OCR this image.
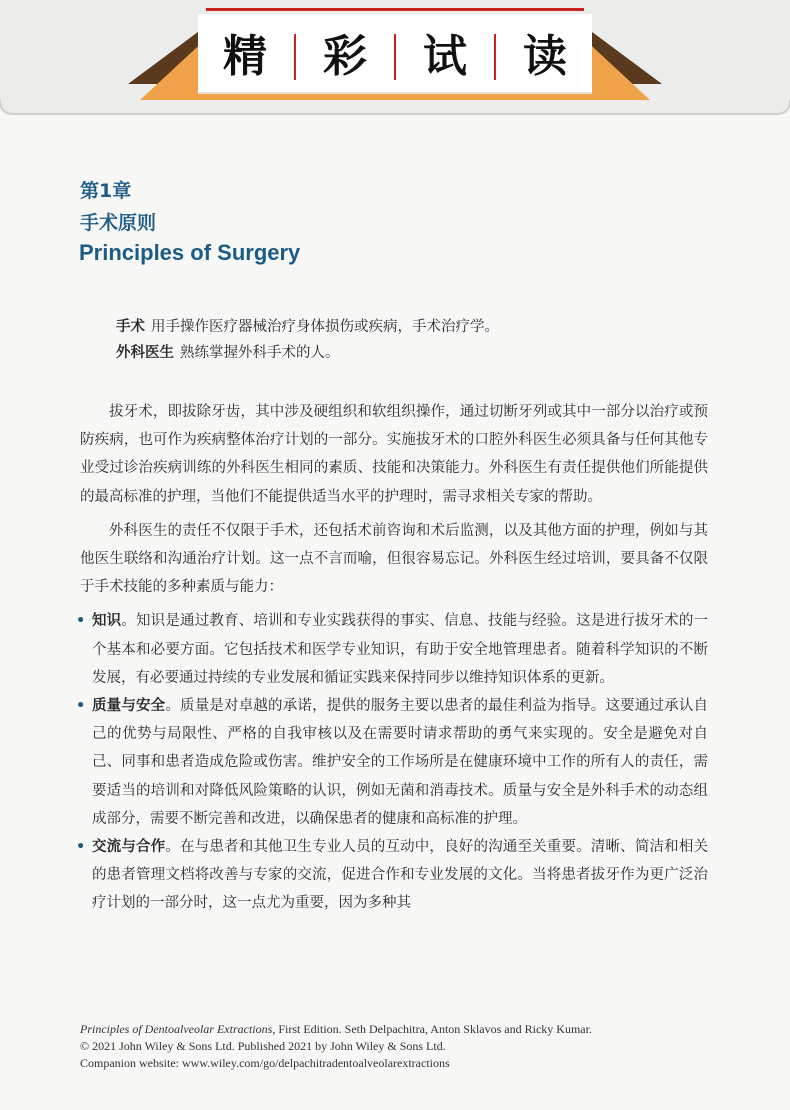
精	彩	试	读
第1章
手术原则
Principles of Surgery

手术 用手操作医疗器械治疗身体损伤或疾病，手术治疗学。

外科医生 熟练掌握外科手术的人。

拔牙术，即拔除牙齿，其中涉及硬组织和软组织操作，通过切断牙列或其中一部分以治疗或预防疾病，也可作为疾病整体治疗计划的一部分。实施拔牙术的口腔外科医生必须具备与任何其他专业受过诊治疾病训练的外科医生相同的素质、技能和决策能力。外科医生有责任提供他们所能提供的最高标准的护理，当他们不能提供适当水平的护理时，需寻求相关专家的帮助。

外科医生的责任不仅限于手术，还包括术前咨询和术后监测，以及其他方面的护理，例如与其他医生联络和沟通治疗计划。这一点不言而喻，但很容易忘记。外科医生经过培训，要具备不仅限于手术技能的多种素质与能力：

• 知识。知识是通过教育、培训和专业实践获得的事实、信息、技能与经验。这是进行拔牙术的一个基本和必要方面。它包括技术和医学专业知识，有助于安全地管理患者。随着科学知识的不断发展，有必要通过持续的专业发展和循证实践来保持同步以维持知识体系的更新。
• 质量与安全。质量是对卓越的承诺，提供的服务主要以患者的最佳利益为指导。这要通过承认自己的优势与局限性、严格的自我审核以及在需要时请求帮助的勇气来实现的。安全是避免对自己、同事和患者造成危险或伤害。维护安全的工作场所是在健康环境中工作的所有人的责任，需要适当的培训和对降低风险策略的认识，例如无菌和消毒技术。质量与安全是外科手术的动态组成部分，需要不断完善和改进，以确保患者的健康和高标准的护理。
• 交流与合作。在与患者和其他卫生专业人员的互动中，良好的沟通至关重要。清晰、简洁和相关的患者管理文档将改善与专家的交流，促进合作和专业发展的文化。当将患者拔牙作为更广泛治疗计划的一部分时，这一点尤为重要，因为多种其

Principles of Dentoalveolar Extractions, First Edition. Seth Delpachitra, Anton Sklavos and Ricky Kumar.

© 2021 John Wiley & Sons Ltd. Published 2021 by John Wiley & Sons Ltd.

Companion website: www.wiley.com/go/delpachitradentoalveolarextractions
